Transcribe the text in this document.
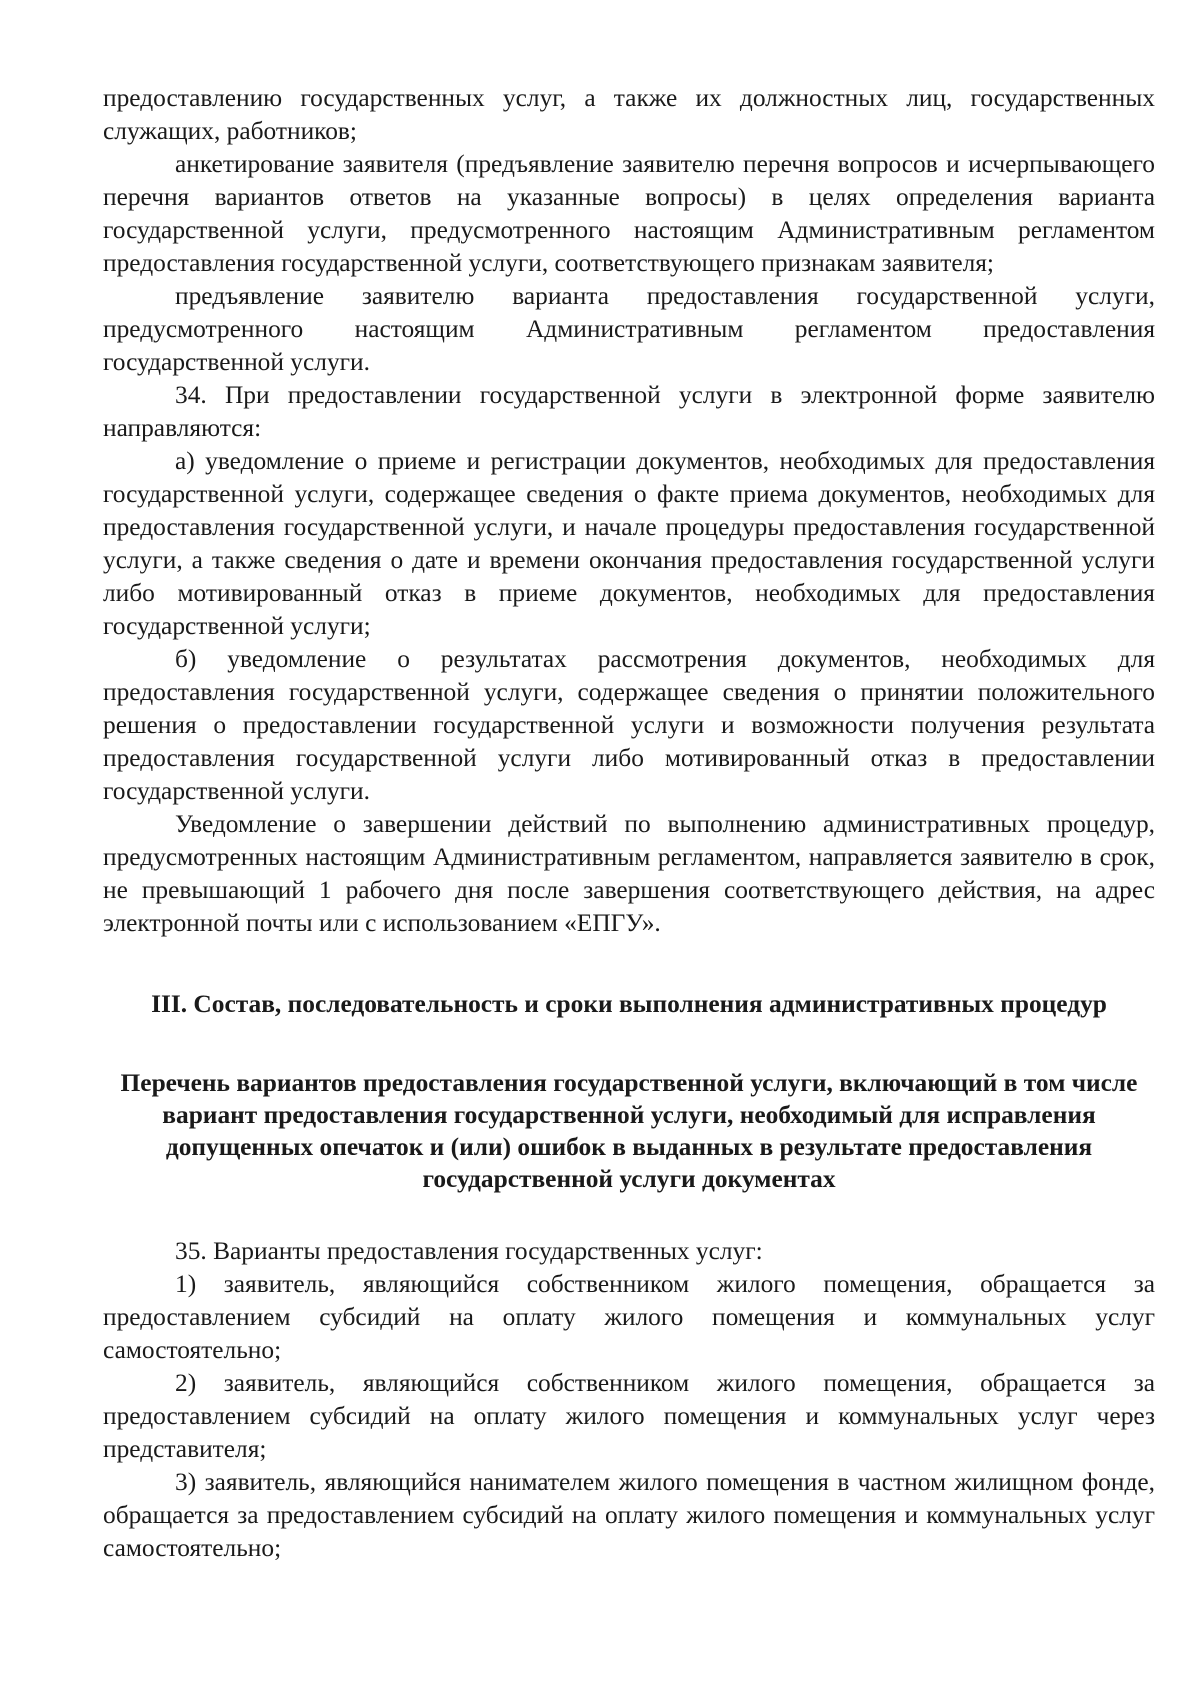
предоставлению государственных услуг, а также их должностных лиц, государственных служащих, работников;

анкетирование заявителя (предъявление заявителю перечня вопросов и исчерпывающего перечня вариантов ответов на указанные вопросы) в целях определения варианта государственной услуги, предусмотренного настоящим Административным регламентом предоставления государственной услуги, соответствующего признакам заявителя;

предъявление заявителю варианта предоставления государственной услуги, предусмотренного настоящим Административным регламентом предоставления государственной услуги.

34. При предоставлении государственной услуги в электронной форме заявителю направляются:

а) уведомление о приеме и регистрации документов, необходимых для предоставления государственной услуги, содержащее сведения о факте приема документов, необходимых для предоставления государственной услуги, и начале процедуры предоставления государственной услуги, а также сведения о дате и времени окончания предоставления государственной услуги либо мотивированный отказ в приеме документов, необходимых для предоставления государственной услуги;

б) уведомление о результатах рассмотрения документов, необходимых для предоставления государственной услуги, содержащее сведения о принятии положительного решения о предоставлении государственной услуги и возможности получения результата предоставления государственной услуги либо мотивированный отказ в предоставлении государственной услуги.

Уведомление о завершении действий по выполнению административных процедур, предусмотренных настоящим Административным регламентом, направляется заявителю в срок, не превышающий 1 рабочего дня после завершения соответствующего действия, на адрес электронной почты или с использованием «ЕПГУ».

III. Состав, последовательность и сроки выполнения административных процедур
Перечень вариантов предоставления государственной услуги, включающий в том числе вариант предоставления государственной услуги, необходимый для исправления допущенных опечаток и (или) ошибок в выданных в результате предоставления государственной услуги документах

35. Варианты предоставления государственных услуг:

1) заявитель, являющийся собственником жилого помещения, обращается за предоставлением субсидий на оплату жилого помещения и коммунальных услуг самостоятельно;

2) заявитель, являющийся собственником жилого помещения, обращается за предоставлением субсидий на оплату жилого помещения и коммунальных услуг через представителя;

3) заявитель, являющийся нанимателем жилого помещения в частном жилищном фонде, обращается за предоставлением субсидий на оплату жилого помещения и коммунальных услуг самостоятельно;
